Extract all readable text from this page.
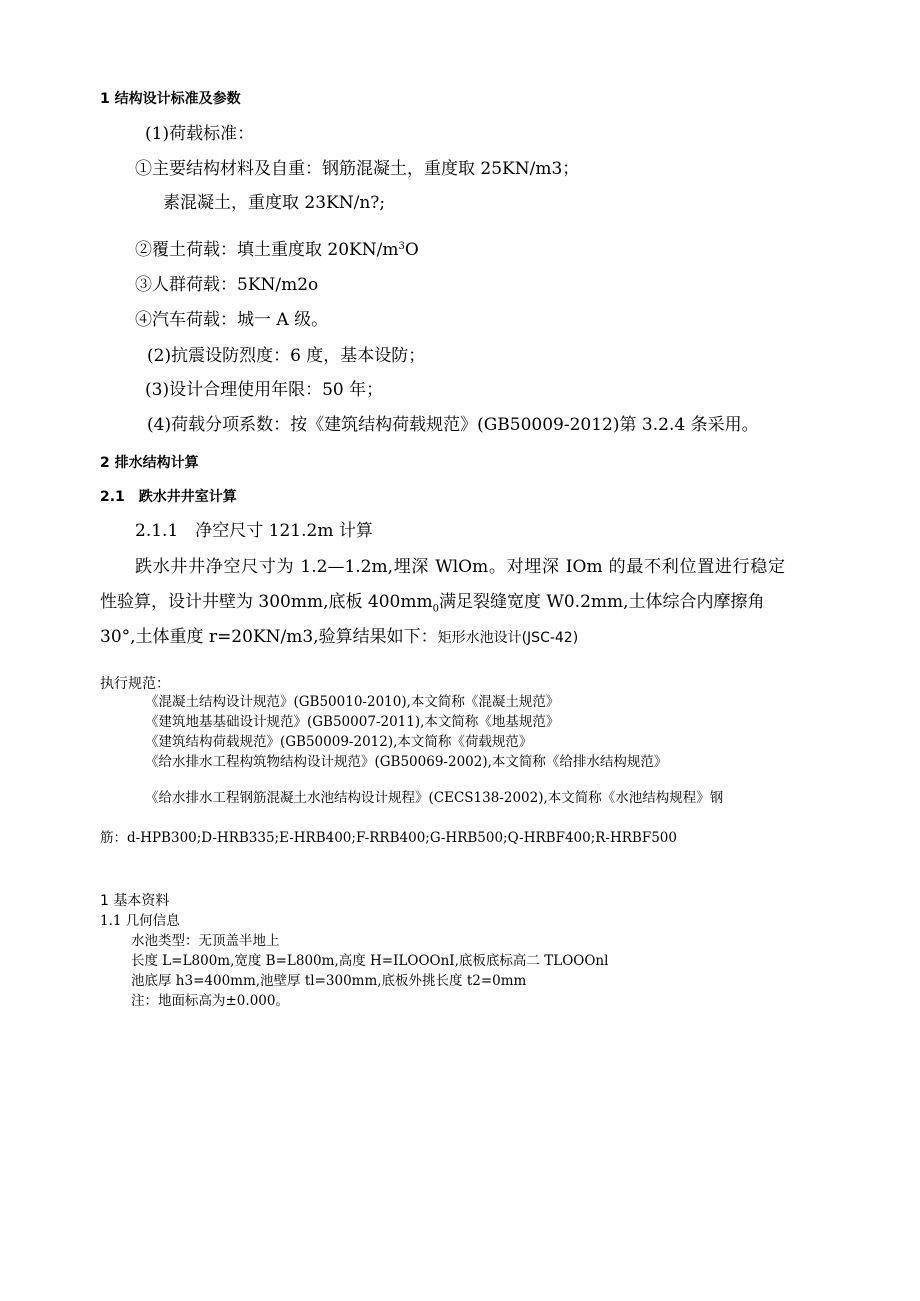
1 结构设计标准及参数
(1)荷载标准：
①主要结构材料及自重：钢筋混凝土，重度取 25KN/m3；
素混凝土，重度取 23KN/n?;
②覆土荷载：填土重度取 $20KN∕m^3O$
③人群荷载：5KN∕m2o
④汽车荷载：城一 A 级。
(2)抗震设防烈度：6 度，基本设防；
(3)设计合理使用年限：50 年；
(4)荷载分项系数：按《建筑结构荷载规范》(GB50009-2012)第 3.2.4 条采用。
2 排水结构计算
2.1　跌水井井室计算
2.1.1　净空尺寸 121.2m 计算
跌水井井净空尺寸为 1.2—1.2m,埋深 WlOm。对埋深 IOm 的最不利位置进行稳定
性验算，设计井壁为 300mm,底板 $400mm_0$满足裂缝宽度 W0.2mm,土体综合内摩擦角
30°,土体重度 r=20KN∕m3,验算结果如下：矩形水池设计(JSC-42)
执行规范：
《混凝土结构设计规范》(GB50010-2010),本文简称《混凝土规范》
《建筑地基基础设计规范》(GB50007-2011),本文简称《地基规范》
《建筑结构荷载规范》(GB50009-2012),本文简称《荷载规范》
《给水排水工程构筑物结构设计规范》(GB50069-2002),本文简称《给排水结构规范》
《给水排水工程钢筋混凝土水池结构设计规程》(CECS138-2002),本文简称《水池结构规程》钢
筋：d-HPB300;D-HRB335;E-HRB400;F-RRB400;G-HRB500;Q-HRBF400;R-HRBF500
1 基本资料
1.1 几何信息
水池类型：无顶盖半地上
长度 L=L800m,宽度 B=L800m,高度 H=ILOOOnI,底板底标高二 TLOOOnl
池底厚 h3=400mm,池壁厚 tl=300mm,底板外挑长度 t2=0mm
注：地面标高为±0.000。
